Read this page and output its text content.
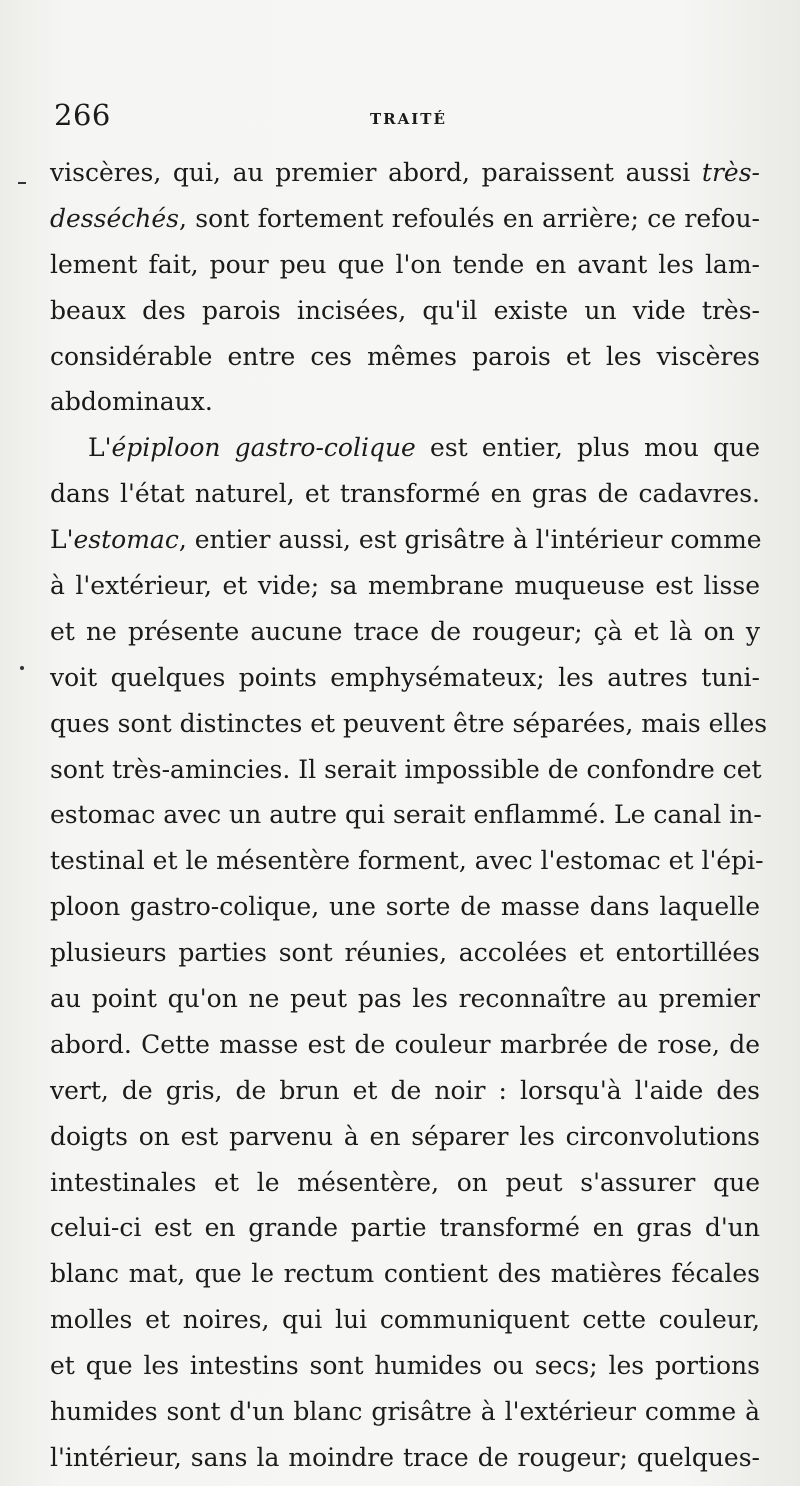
266	TRAITÉ
viscères, qui, au premier abord, paraissent aussi très-
desséchés, sont fortement refoulés en arrière; ce refou-
lement fait, pour peu que l'on tende en avant les lam-
beaux des parois incisées, qu'il existe un vide très-
considérable entre ces mêmes parois et les viscères
abdominaux.
L'épiploon gastro-colique est entier, plus mou que
dans l'état naturel, et transformé en gras de cadavres.
L'estomac, entier aussi, est grisâtre à l'intérieur comme
à l'extérieur, et vide; sa membrane muqueuse est lisse
et ne présente aucune trace de rougeur; çà et là on y
voit quelques points emphysémateux; les autres tuni-
ques sont distinctes et peuvent être séparées, mais elles
sont très-amincies. Il serait impossible de confondre cet
estomac avec un autre qui serait enflammé. Le canal in-
testinal et le mésentère forment, avec l'estomac et l'épi-
ploon gastro-colique, une sorte de masse dans laquelle
plusieurs parties sont réunies, accolées et entortillées
au point qu'on ne peut pas les reconnaître au premier
abord. Cette masse est de couleur marbrée de rose, de
vert, de gris, de brun et de noir : lorsqu'à l'aide des
doigts on est parvenu à en séparer les circonvolutions
intestinales et le mésentère, on peut s'assurer que
celui-ci est en grande partie transformé en gras d'un
blanc mat, que le rectum contient des matières fécales
molles et noires, qui lui communiquent cette couleur,
et que les intestins sont humides ou secs; les portions
humides sont d'un blanc grisâtre à l'extérieur comme à
l'intérieur, sans la moindre trace de rougeur; quelques-
